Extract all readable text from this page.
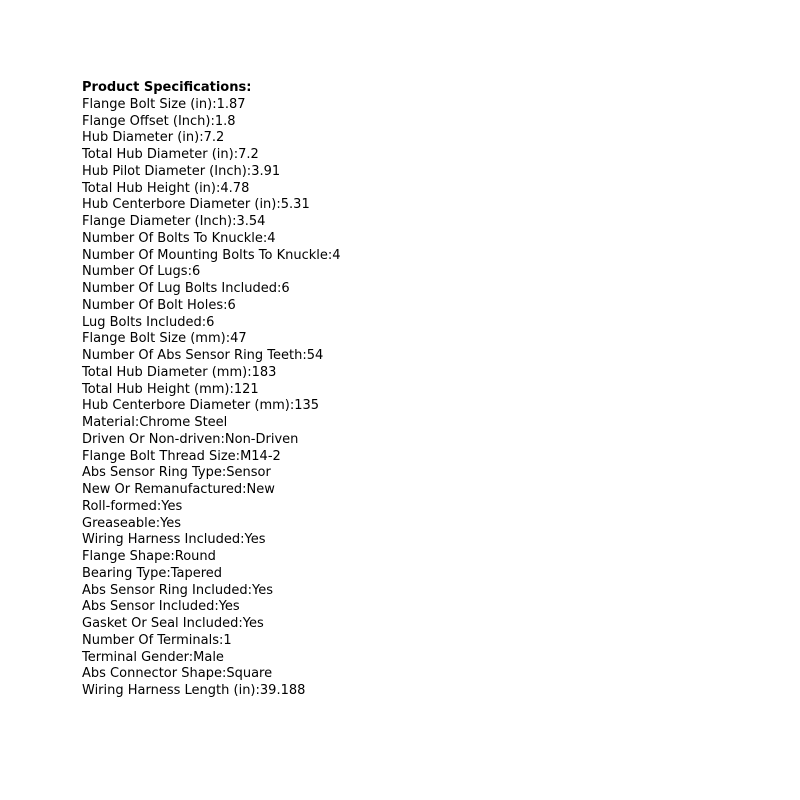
Product Specifications:
Flange Bolt Size (in):1.87
Flange Offset (Inch):1.8
Hub Diameter (in):7.2
Total Hub Diameter (in):7.2
Hub Pilot Diameter (Inch):3.91
Total Hub Height (in):4.78
Hub Centerbore Diameter (in):5.31
Flange Diameter (Inch):3.54
Number Of Bolts To Knuckle:4
Number Of Mounting Bolts To Knuckle:4
Number Of Lugs:6
Number Of Lug Bolts Included:6
Number Of Bolt Holes:6
Lug Bolts Included:6
Flange Bolt Size (mm):47
Number Of Abs Sensor Ring Teeth:54
Total Hub Diameter (mm):183
Total Hub Height (mm):121
Hub Centerbore Diameter (mm):135
Material:Chrome Steel
Driven Or Non-driven:Non-Driven
Flange Bolt Thread Size:M14-2
Abs Sensor Ring Type:Sensor
New Or Remanufactured:New
Roll-formed:Yes
Greaseable:Yes
Wiring Harness Included:Yes
Flange Shape:Round
Bearing Type:Tapered
Abs Sensor Ring Included:Yes
Abs Sensor Included:Yes
Gasket Or Seal Included:Yes
Number Of Terminals:1
Terminal Gender:Male
Abs Connector Shape:Square
Wiring Harness Length (in):39.188
